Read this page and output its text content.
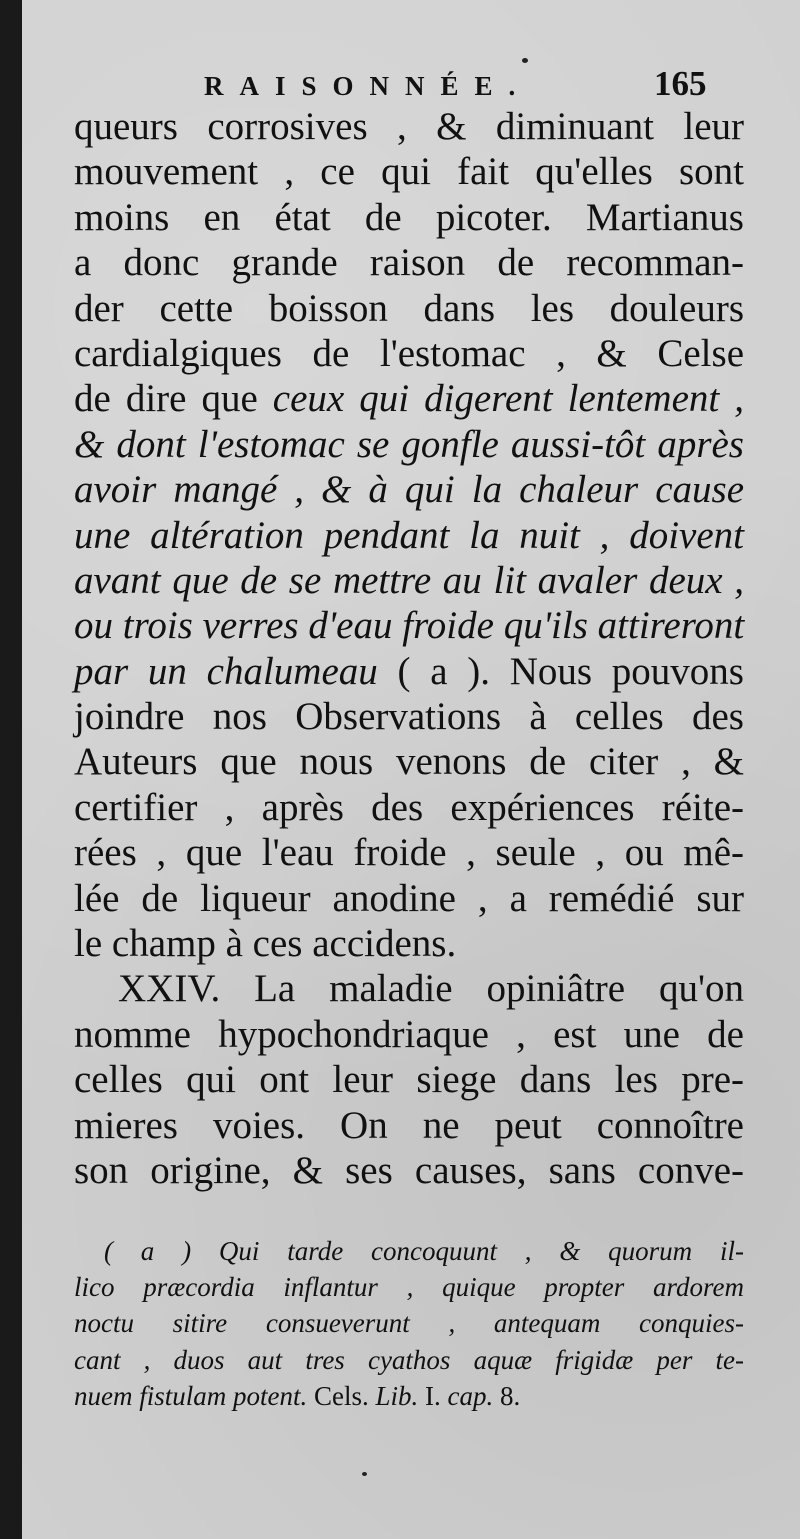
RAISONNÉE.	165
queurs corrosives , & diminuant leur
mouvement , ce qui fait qu'elles sont
moins en état de picoter. Martianus
a donc grande raison de recomman-
der cette boisson dans les douleurs
cardialgiques de l'estomac , & Celse
de dire que ceux qui digerent lentement ,
& dont l'estomac se gonfle aussi-tôt après
avoir mangé , & à qui la chaleur cause
une altération pendant la nuit , doivent
avant que de se mettre au lit avaler deux ,
ou trois verres d'eau froide qu'ils attireront
par un chalumeau ( a ). Nous pouvons
joindre nos Observations à celles des
Auteurs que nous venons de citer , &
certifier , après des expériences réite-
rées , que l'eau froide , seule , ou mê-
lée de liqueur anodine , a remédié sur
le champ à ces accidens.
XXIV. La maladie opiniâtre qu'on
nomme hypochondriaque , est une de
celles qui ont leur siege dans les pre-
mieres voies. On ne peut connoître
son origine, & ses causes, sans conve-
( a ) Qui tarde concoquunt , & quorum il-
lico præcordia inflantur , quique propter ardorem
noctu sitire consueverunt , antequam conquies-
cant , duos aut tres cyathos aquæ frigidæ per te-
nuem fistulam potent. Cels. Lib. I. cap. 8.
